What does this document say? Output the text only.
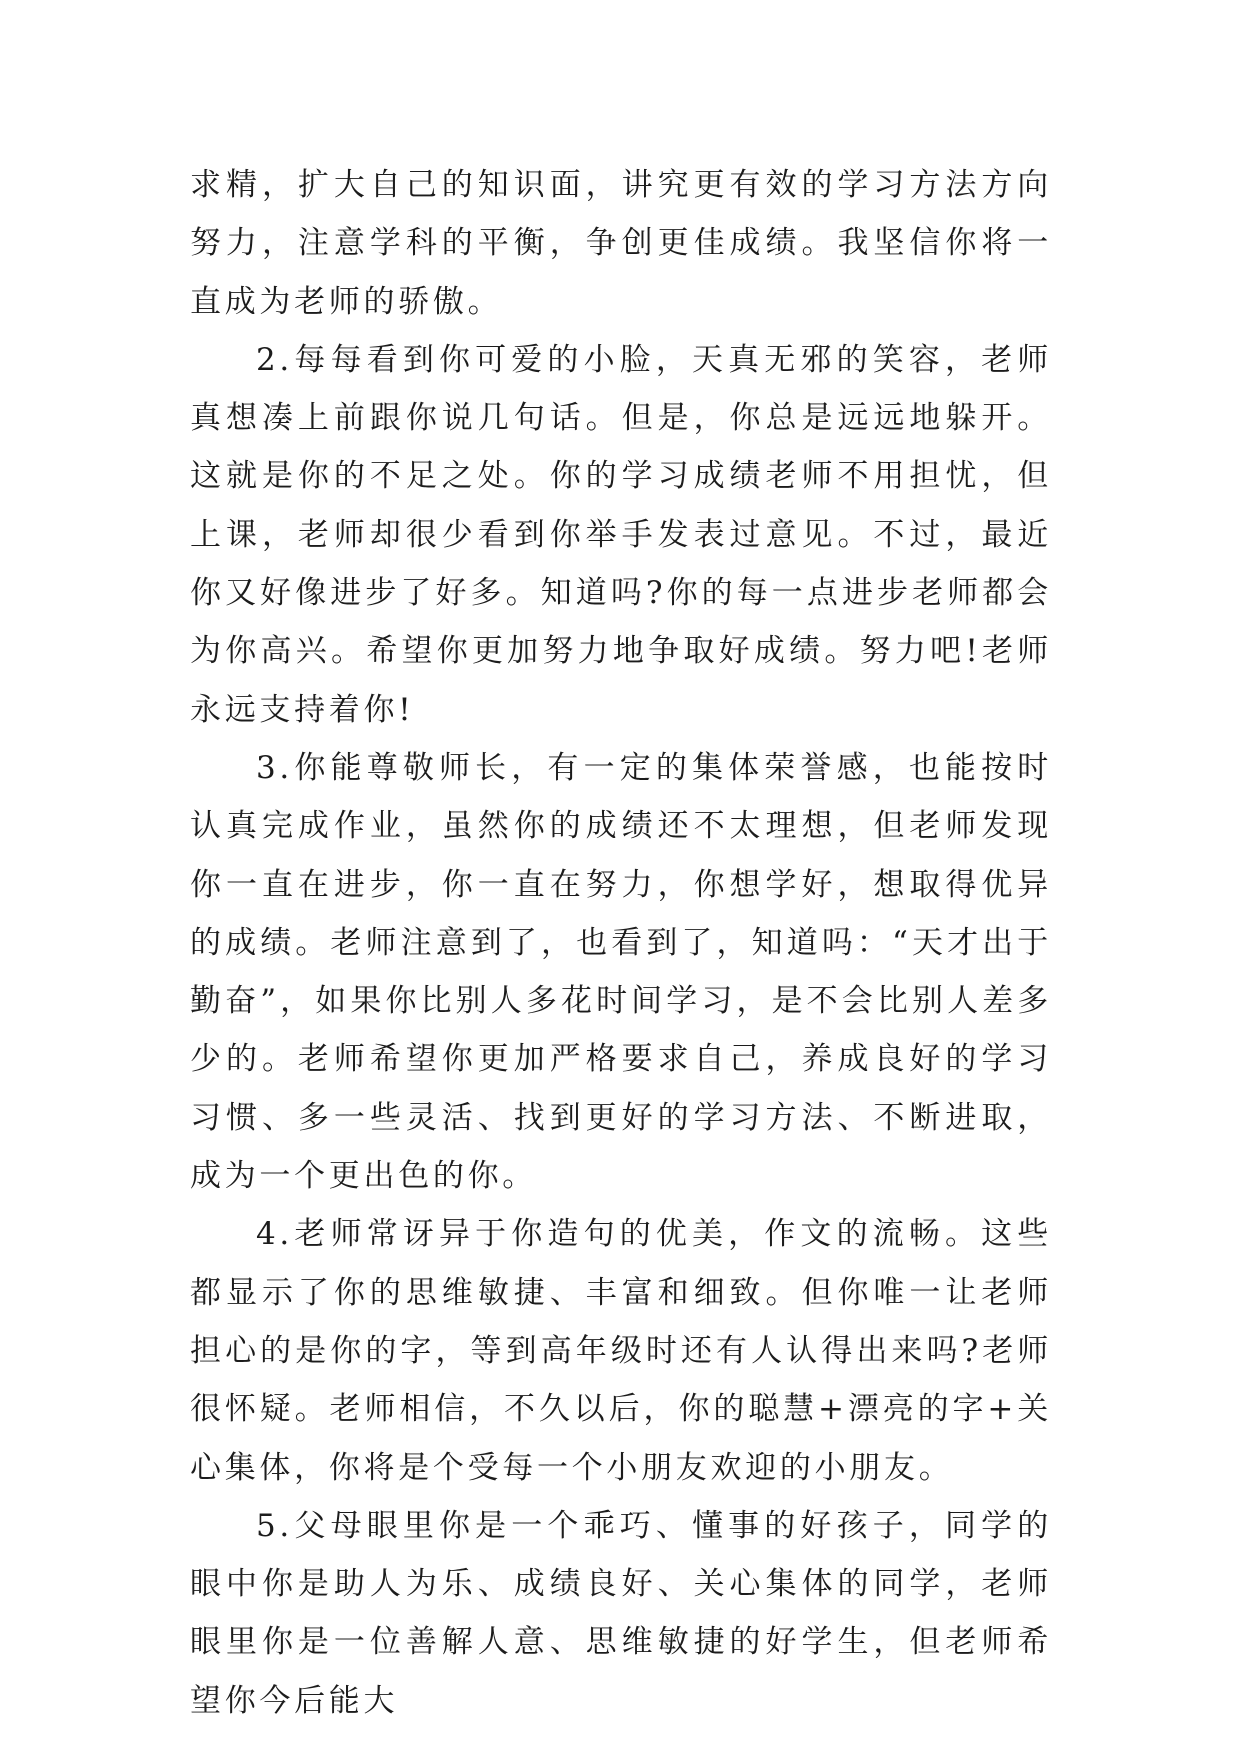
求精，扩大自己的知识面，讲究更有效的学习方法方向努力，注意学科的平衡，争创更佳成绩。我坚信你将一直成为老师的骄傲。

2.每每看到你可爱的小脸，天真无邪的笑容，老师真想凑上前跟你说几句话。但是，你总是远远地躲开。这就是你的不足之处。你的学习成绩老师不用担忧，但上课，老师却很少看到你举手发表过意见。不过，最近你又好像进步了好多。知道吗?你的每一点进步老师都会为你高兴。希望你更加努力地争取好成绩。努力吧!老师永远支持着你!

3.你能尊敬师长，有一定的集体荣誉感，也能按时认真完成作业，虽然你的成绩还不太理想，但老师发现你一直在进步，你一直在努力，你想学好，想取得优异的成绩。老师注意到了，也看到了，知道吗：“天才出于勤奋”，如果你比别人多花时间学习，是不会比别人差多少的。老师希望你更加严格要求自己，养成良好的学习习惯、多一些灵活、找到更好的学习方法、不断进取，成为一个更出色的你。

4.老师常讶异于你造句的优美，作文的流畅。这些都显示了你的思维敏捷、丰富和细致。但你唯一让老师担心的是你的字，等到高年级时还有人认得出来吗?老师很怀疑。老师相信，不久以后，你的聪慧+漂亮的字+关心集体，你将是个受每一个小朋友欢迎的小朋友。

5.父母眼里你是一个乖巧、懂事的好孩子，同学的眼中你是助人为乐、成绩良好、关心集体的同学，老师眼里你是一位善解人意、思维敏捷的好学生，但老师希望你今后能大
